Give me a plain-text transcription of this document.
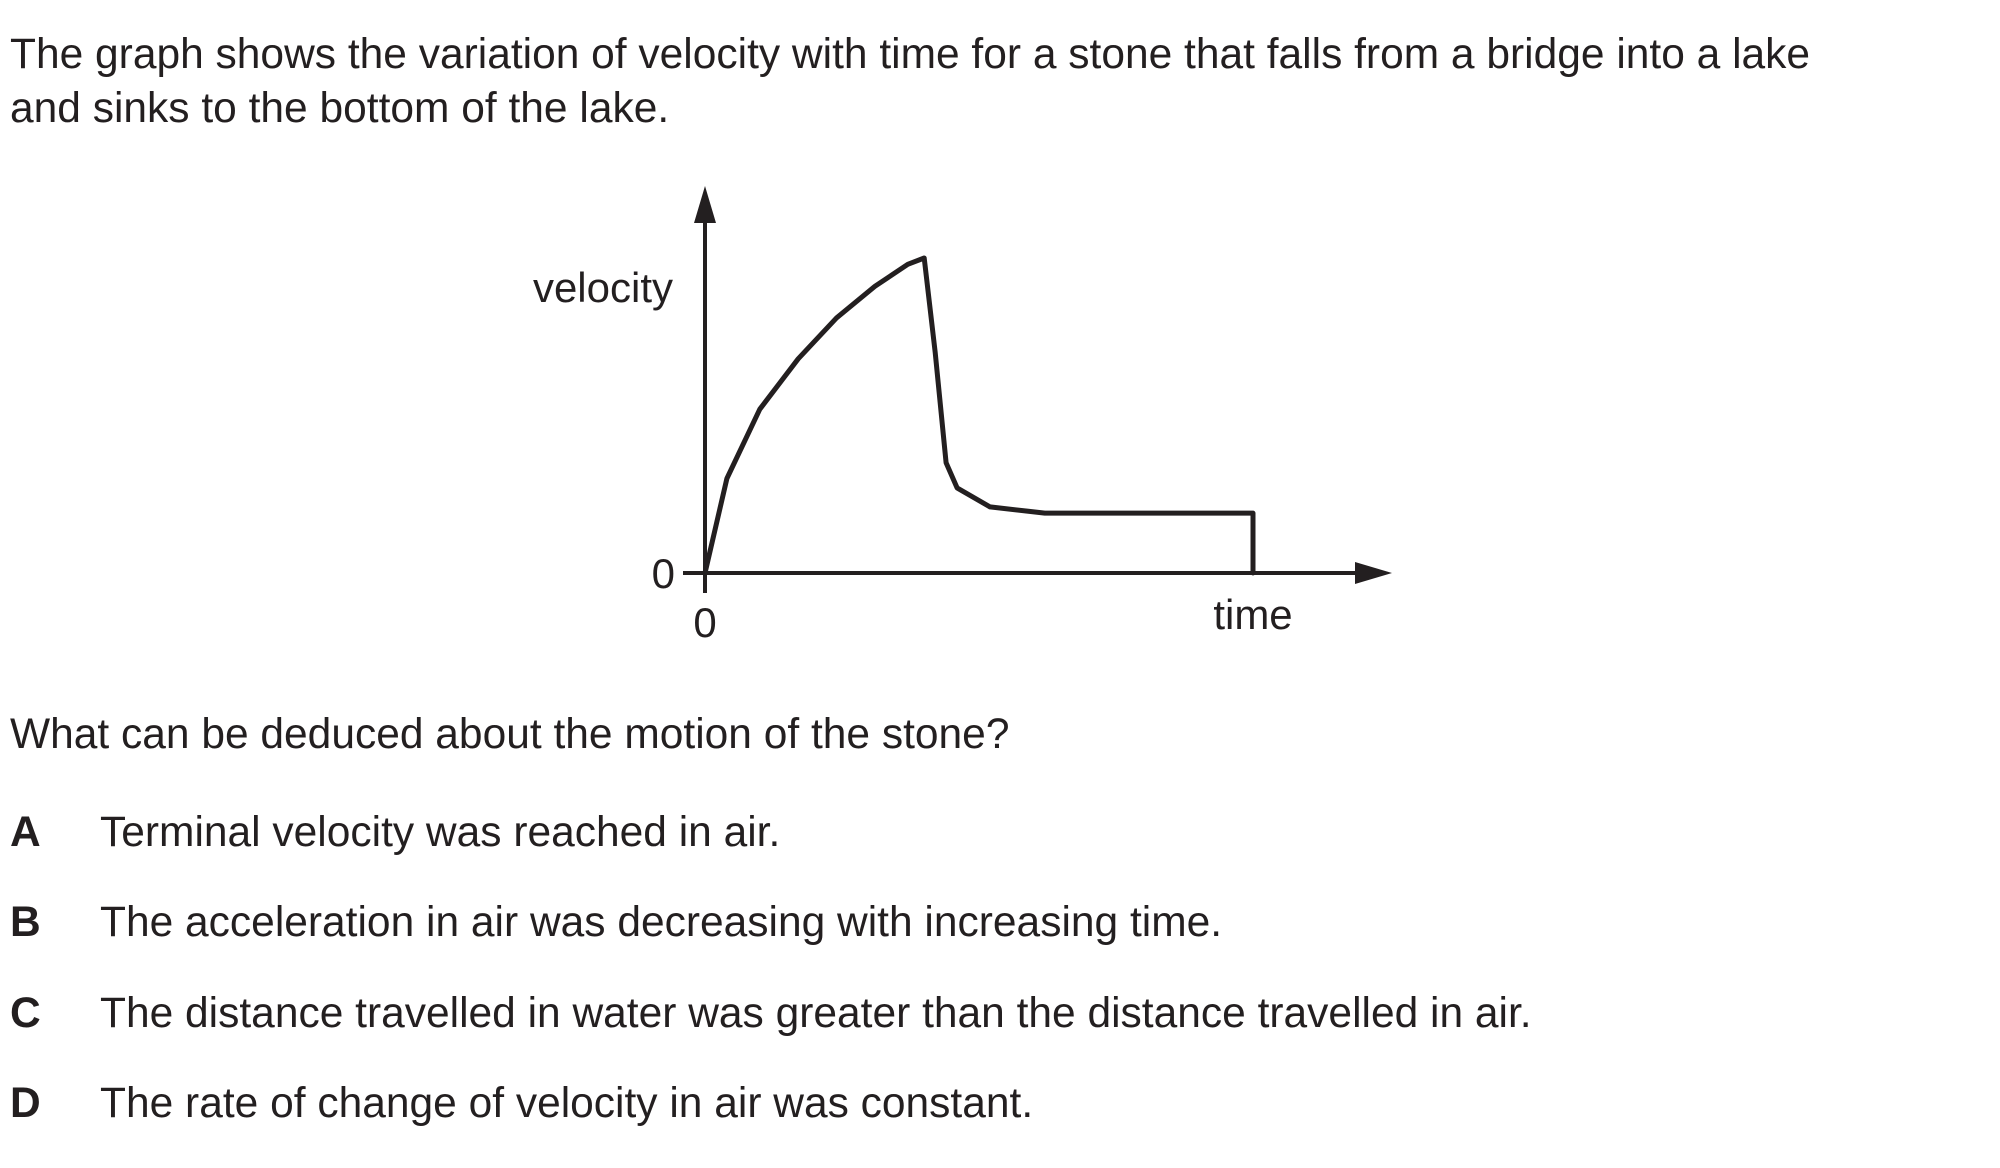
The graph shows the variation of velocity with time for a stone that falls from a bridge into a lake
and sinks to the bottom of the lake.

velocity
0
0	time

What can be deduced about the motion of the stone?

A Terminal velocity was reached in air.
B The acceleration in air was decreasing with increasing time.
C The distance travelled in water was greater than the distance travelled in air.
D The rate of change of velocity in air was constant.
